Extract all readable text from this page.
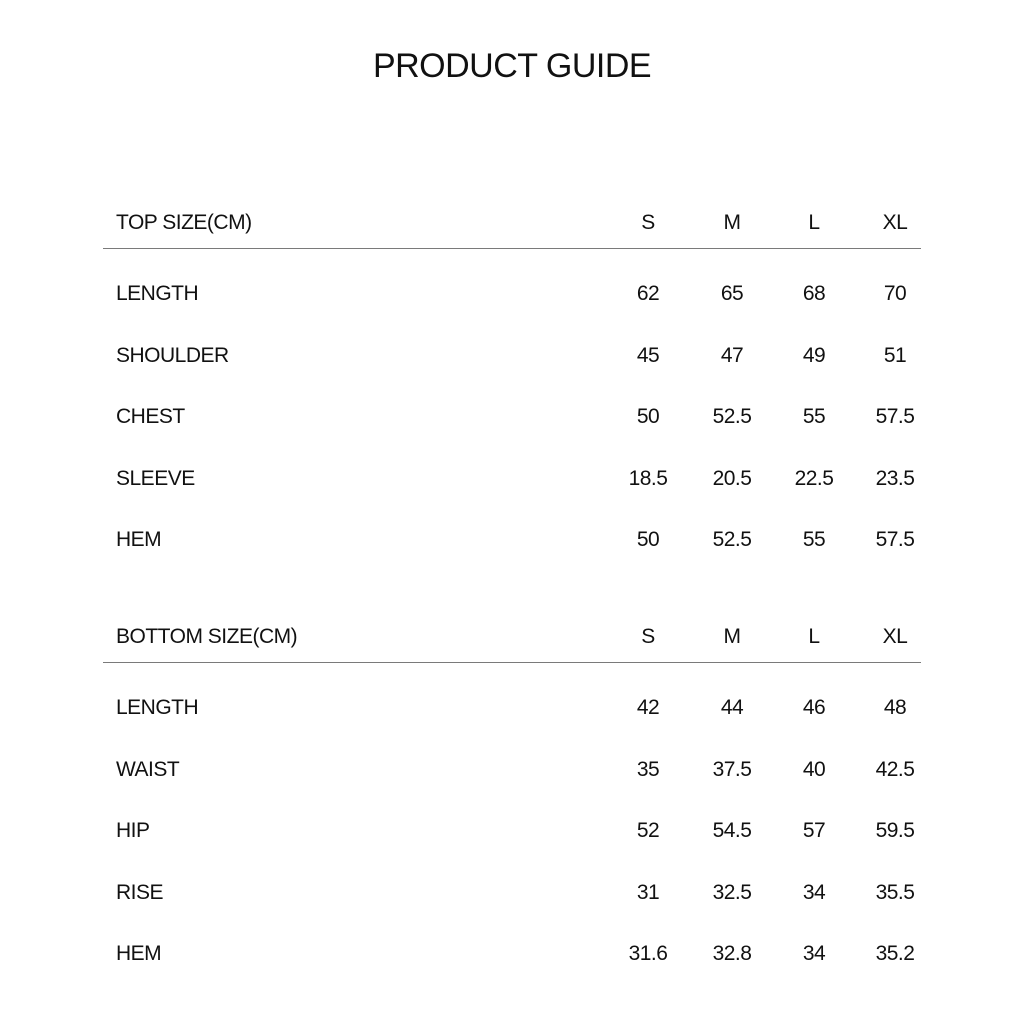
PRODUCT GUIDE
TOP SIZE(CM)	S	M	L	XL
LENGTH	62	65	68	70
SHOULDER	45	47	49	51
CHEST	50	52.5	55	57.5
SLEEVE	18.5	20.5	22.5	23.5
HEM	50	52.5	55	57.5
BOTTOM SIZE(CM)	S	M	L	XL
LENGTH	42	44	46	48
WAIST	35	37.5	40	42.5
HIP	52	54.5	57	59.5
RISE	31	32.5	34	35.5
HEM	31.6	32.8	34	35.2
